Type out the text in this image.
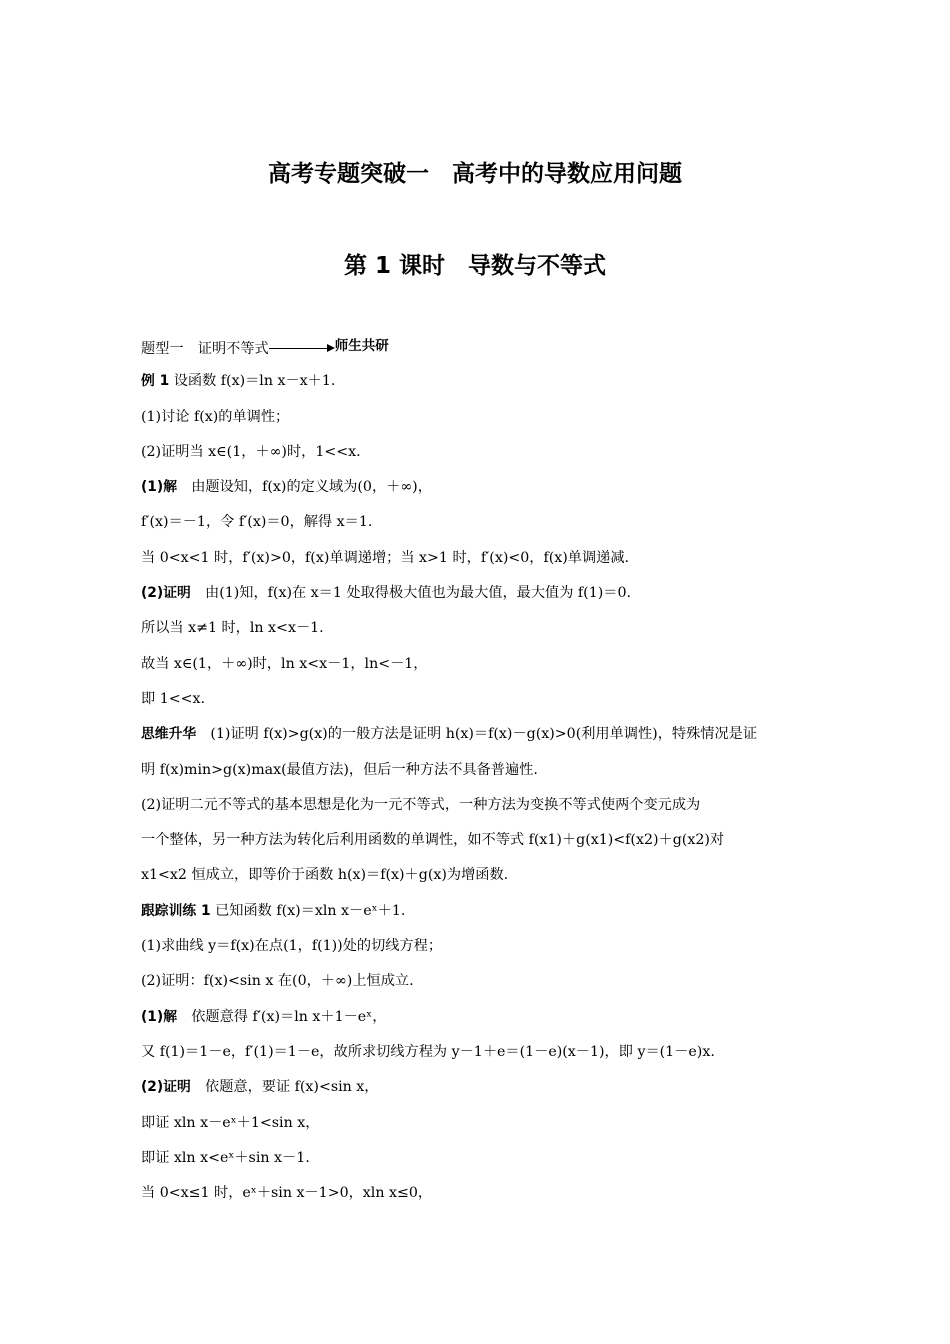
高考专题突破一　高考中的导数应用问题
第 1 课时　导数与不等式
题型一　证明不等式	师生共研
例 1 设函数 f(x)＝ln x－x＋1.
(1)讨论 f(x)的单调性；
(2)证明当 x∈(1，＋∞)时，1<<x.
(1)解　由题设知，f(x)的定义域为(0，＋∞)，
f′(x)＝－1，令 f′(x)＝0，解得 x＝1.
当 0<x<1 时，f′(x)>0，f(x)单调递增；当 x>1 时，f′(x)<0，f(x)单调递减.
(2)证明　由(1)知，f(x)在 x＝1 处取得极大值也为最大值，最大值为 f(1)＝0.
所以当 x≠1 时，ln x<x－1.
故当 x∈(1，＋∞)时，ln x<x－1，ln<－1，
即 1<<x.
思维升华　(1)证明 f(x)>g(x)的一般方法是证明 h(x)＝f(x)－g(x)>0(利用单调性)，特殊情况是证
明 f(x)min>g(x)max(最值方法)，但后一种方法不具备普遍性.
(2)证明二元不等式的基本思想是化为一元不等式，一种方法为变换不等式使两个变元成为
一个整体，另一种方法为转化后利用函数的单调性，如不等式 f(x1)＋g(x1)<f(x2)＋g(x2)对
x1<x2 恒成立，即等价于函数 h(x)＝f(x)＋g(x)为增函数.
跟踪训练 1 已知函数 f(x)＝xln x－eˣ＋1.
(1)求曲线 y＝f(x)在点(1，f(1))处的切线方程；
(2)证明：f(x)<sin x 在(0，＋∞)上恒成立.
(1)解　依题意得 f′(x)＝ln x＋1－eˣ，
又 f(1)＝1－e，f′(1)＝1－e，故所求切线方程为 y－1＋e＝(1－e)(x－1)，即 y＝(1－e)x.
(2)证明　依题意，要证 f(x)<sin x，
即证 xln x－eˣ＋1<sin x，
即证 xln x<eˣ＋sin x－1.
当 0<x≤1 时，eˣ＋sin x－1>0，xln x≤0，
